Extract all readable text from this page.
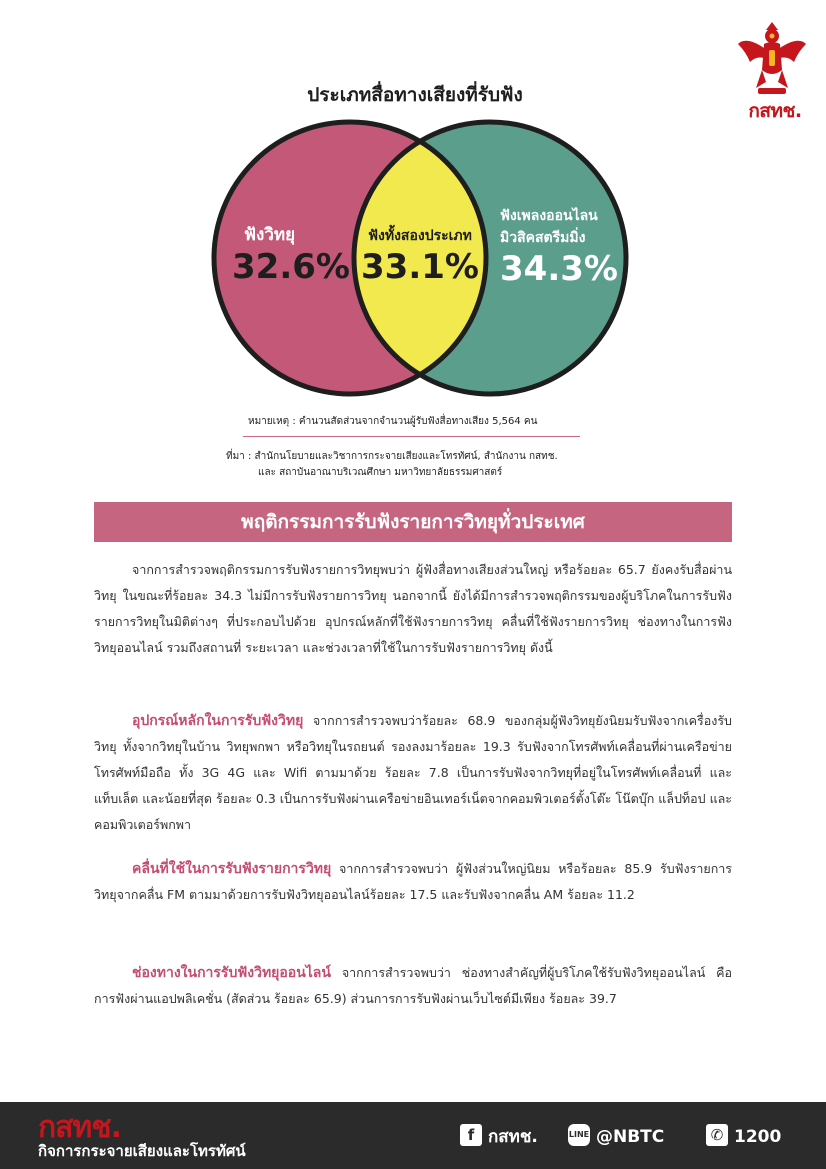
กสทช.
ประเภทสื่อทางเสียงที่รับฟัง
ฟังวิทยุ
32.6%
ฟังทั้งสองประเภท
33.1%
ฟังเพลงออนไลน
มิวสิคสตรีมมิ่ง
34.3%
หมายเหตุ : คำนวนสัดส่วนจากจำนวนผู้รับฟังสื่อทางเสียง 5,564 คน
ที่มา : สำนักนโยบายและวิชาการกระจายเสียงและโทรทัศน์, สำนักงาน กสทช.
และ สถาบันอาณาบริเวณศึกษา มหาวิทยาลัยธรรมศาสตร์
พฤติกรรมการรับฟังรายการวิทยุทั่วประเทศ
จากการสำรวจพฤติกรรมการรับฟังรายการวิทยุพบว่า ผู้ฟังสื่อทางเสียงส่วนใหญ่ หรือร้อยละ 65.7 ยังคงรับสื่อผ่านวิทยุ ในขณะที่ร้อยละ 34.3 ไม่มีการรับฟังรายการวิทยุ นอกจากนี้ ยังได้มีการสำรวจพฤติกรรมของผู้บริโภคในการรับฟังรายการวิทยุในมิติต่างๆ ที่ประกอบไปด้วย อุปกรณ์หลักที่ใช้ฟังรายการวิทยุ คลื่นที่ใช้ฟังรายการวิทยุ ช่องทางในการฟังวิทยุออนไลน์ รวมถึงสถานที่ ระยะเวลา และช่วงเวลาที่ใช้ในการรับฟังรายการวิทยุ ดังนี้
อุปกรณ์หลักในการรับฟังวิทยุ จากการสำรวจพบว่าร้อยละ 68.9 ของกลุ่มผู้ฟังวิทยุยังนิยมรับฟังจากเครื่องรับวิทยุ ทั้งจากวิทยุในบ้าน วิทยุพกพา หรือวิทยุในรถยนต์ รองลงมาร้อยละ 19.3 รับฟังจากโทรศัพท์เคลื่อนที่ผ่านเครือข่ายโทรศัพท์มือถือ ทั้ง 3G 4G และ Wifi ตามมาด้วย ร้อยละ 7.8 เป็นการรับฟังจากวิทยุที่อยู่ในโทรศัพท์เคลื่อนที่ และแท็บเล็ต และน้อยที่สุด ร้อยละ 0.3 เป็นการรับฟังผ่านเครือข่ายอินเทอร์เน็ตจากคอมพิวเตอร์ตั้งโต๊ะ โน๊ตบุ๊ก แล็ปท็อป และ คอมพิวเตอร์พกพา
คลื่นที่ใช้ในการรับฟังรายการวิทยุ จากการสำรวจพบว่า ผู้ฟังส่วนใหญ่นิยม หรือร้อยละ 85.9 รับฟังรายการวิทยุจากคลื่น FM ตามมาด้วยการรับฟังวิทยุออนไลน์ร้อยละ 17.5 และรับฟังจากคลื่น AM ร้อยละ 11.2
ช่องทางในการรับฟังวิทยุออนไลน์ จากการสำรวจพบว่า ช่องทางสำคัญที่ผู้บริโภคใช้รับฟังวิทยุออนไลน์ คือ การฟังผ่านแอปพลิเคชั่น (สัดส่วน ร้อยละ 65.9) ส่วนการการรับฟังผ่านเว็บไซต์มีเพียง ร้อยละ 39.7
กสทช.
กิจการกระจายเสียงและโทรทัศน์
f กสทช.	LINE @NBTC	✆ 1200
